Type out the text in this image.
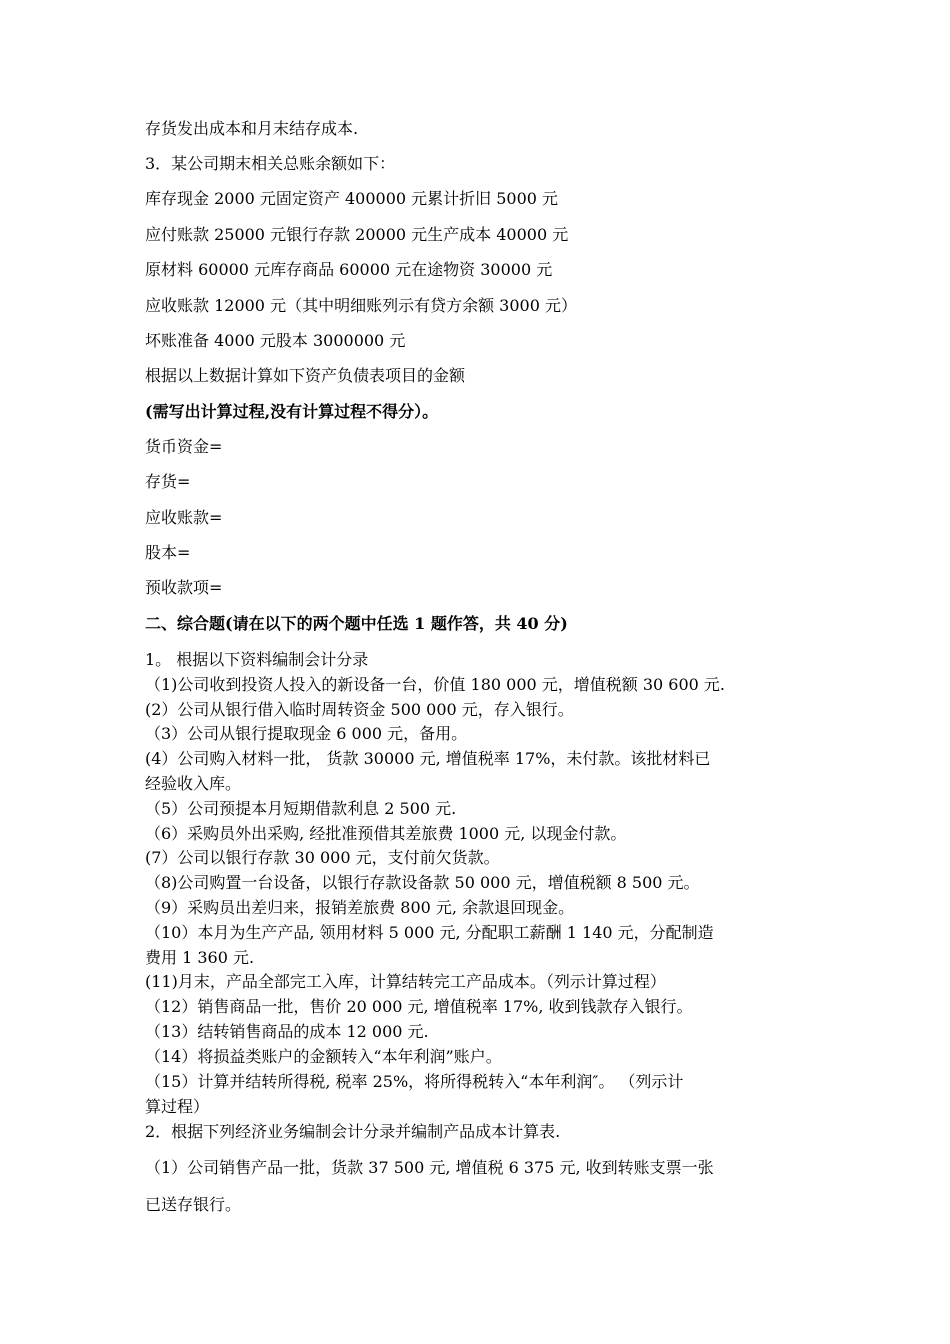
存货发出成本和月末结存成本.

3．某公司期末相关总账余额如下：

库存现金 2000 元固定资产 400000 元累计折旧 5000 元

应付账款 25000 元银行存款 20000 元生产成本 40000 元

原材料 60000 元库存商品 60000 元在途物资 30000 元

应收账款 12000 元（其中明细账列示有贷方余额 3000 元）

坏账准备 4000 元股本 3000000 元

根据以上数据计算如下资产负债表项目的金额

(需写出计算过程,没有计算过程不得分）。

货币资金=

存货=

应收账款=

股本=

预收款项=

二、综合题(请在以下的两个题中任选 1 题作答，共 40 分)

1。 根据以下资料编制会计分录

（1)公司收到投资人投入的新设备一台，价值 180 000 元，增值税额 30 600 元.

(2）公司从银行借入临时周转资金 500 000 元，存入银行。

（3）公司从银行提取现金 6 000 元，备用。

(4）公司购入材料一批， 货款 30000 元, 增值税率 17%，未付款。该批材料已

经验收入库。

（5）公司预提本月短期借款利息 2 500 元.

（6）采购员外出采购, 经批准预借其差旅费 1000 元, 以现金付款。

(7）公司以银行存款 30 000 元，支付前欠货款。

（8)公司购置一台设备，以银行存款设备款 50 000 元，增值税额 8 500 元。

（9）采购员出差归来，报销差旅费 800 元, 余款退回现金。

（10）本月为生产产品, 领用材料 5 000 元, 分配职工薪酬 1 140 元，分配制造

费用 1 360 元.

(11)月末，产品全部完工入库，计算结转完工产品成本。（列示计算过程）

（12）销售商品一批，售价 20 000 元, 增值税率 17%, 收到钱款存入银行。

（13）结转销售商品的成本 12 000 元.

（14）将损益类账户的金额转入“本年利润”账户。

（15）计算并结转所得税, 税率 25%，将所得税转入“本年利润″。 （列示计

算过程）

2．根据下列经济业务编制会计分录并编制产品成本计算表.

（1）公司销售产品一批，货款 37 500 元, 增值税 6 375 元, 收到转账支票一张

已送存银行。
